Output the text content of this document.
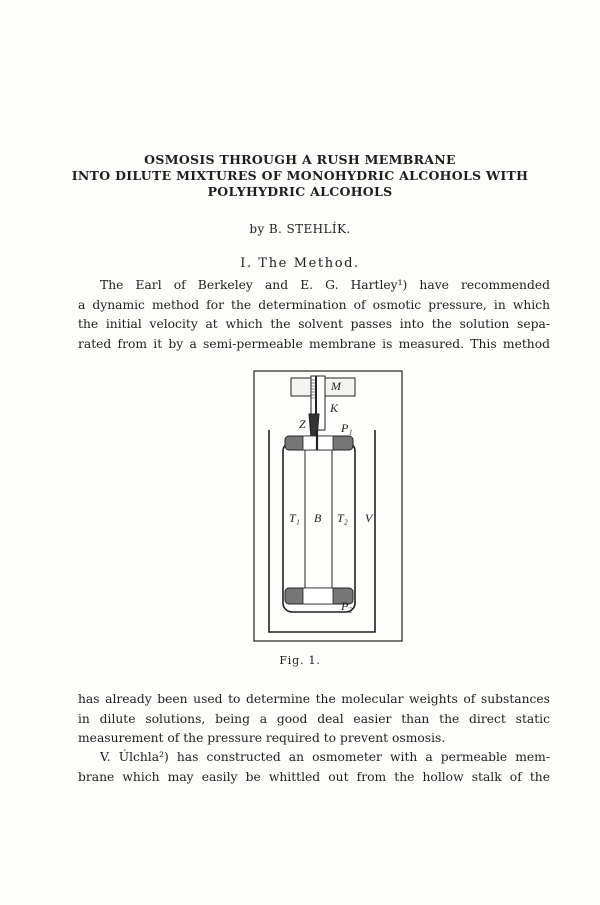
OSMOSIS THROUGH A RUSH MEMBRANE
INTO DILUTE MIXTURES OF MONOHYDRIC ALCOHOLS WITH
POLYHYDRIC ALCOHOLS
by B. STEHLÍK.
I. The Method.

The Earl of Berkeley and E. G. Hartley¹) have recommended
a dynamic method for the determination of osmotic pressure, in which
the initial velocity at which the solvent passes into the solution sepa-
rated from it by a semi-permeable membrane is measured. This method

M
K
Z	P₁
T₁ B T₂ V
P₂
Fig. 1.

has already been used to determine the molecular weights of substances
in dilute solutions, being a good deal easier than the direct static
measurement of the pressure required to prevent osmosis.

V. Úlchla²) has constructed an osmometer with a permeable mem-
brane which may easily be whittled out from the hollow stalk of the
